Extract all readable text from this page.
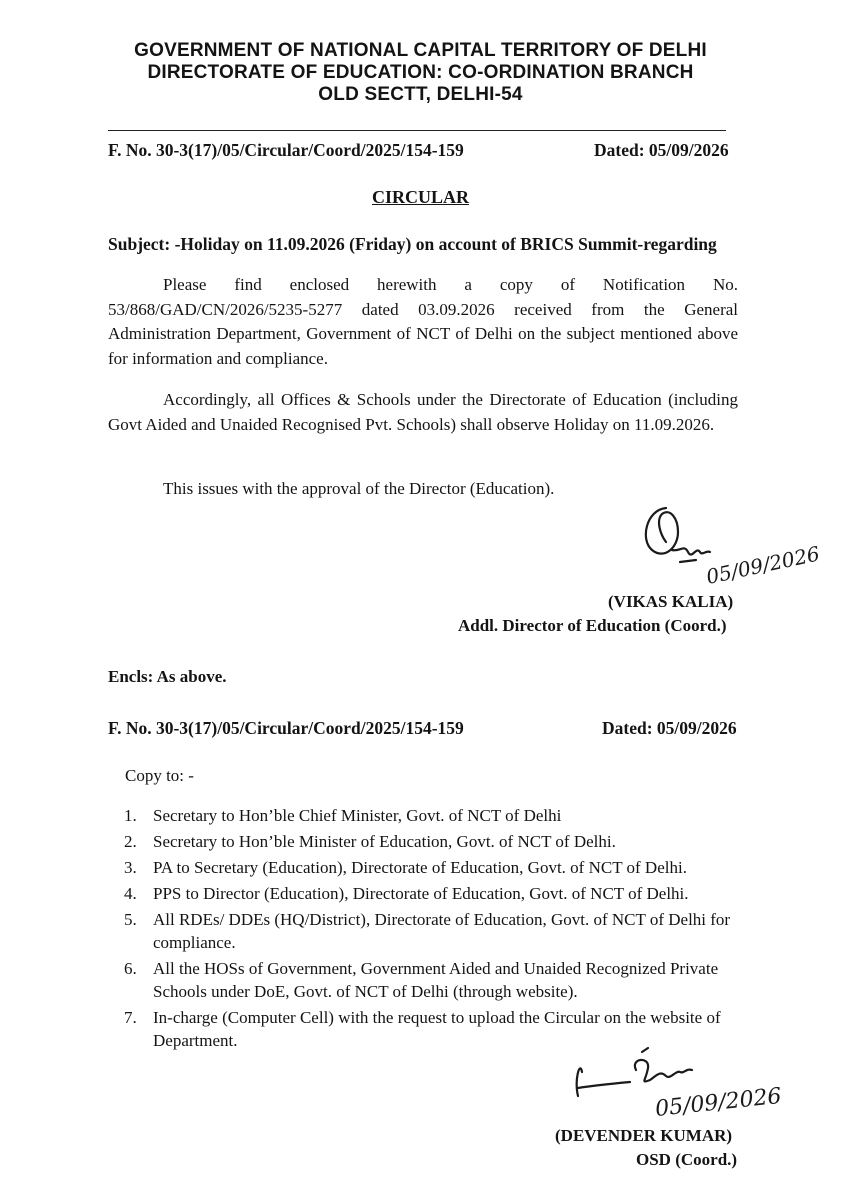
GOVERNMENT OF NATIONAL CAPITAL TERRITORY OF DELHI
DIRECTORATE OF EDUCATION: CO-ORDINATION BRANCH
OLD SECTT, DELHI-54
F. No. 30-3(17)/05/Circular/Coord/2025/154-159	Dated: 05/09/2026
CIRCULAR
Subject: -Holiday on 11.09.2026 (Friday) on account of BRICS Summit-regarding
Please find enclosed herewith a copy of Notification No. 53/868/GAD/CN/2026/5235-5277 dated 03.09.2026 received from the General Administration Department, Government of NCT of Delhi on the subject mentioned above for information and compliance.
Accordingly, all Offices & Schools under the Directorate of Education (including Govt Aided and Unaided Recognised Pvt. Schools) shall observe Holiday on 11.09.2026.
This issues with the approval of the Director (Education).
05/09/2026
(VIKAS KALIA)
Addl. Director of Education (Coord.)
Encls: As above.
F. No. 30-3(17)/05/Circular/Coord/2025/154-159	Dated: 05/09/2026
Copy to: -
1. Secretary to Hon’ble Chief Minister, Govt. of NCT of Delhi
2. Secretary to Hon’ble Minister of Education, Govt. of NCT of Delhi.
3. PA to Secretary (Education), Directorate of Education, Govt. of NCT of Delhi.
4. PPS to Director (Education), Directorate of Education, Govt. of NCT of Delhi.
5. All RDEs/ DDEs (HQ/District), Directorate of Education, Govt. of NCT of Delhi for compliance.
6. All the HOSs of Government, Government Aided and Unaided Recognized Private Schools under DoE, Govt. of NCT of Delhi (through website).
7. In-charge (Computer Cell) with the request to upload the Circular on the website of Department.
05/09/2026
(DEVENDER KUMAR)
OSD (Coord.)
